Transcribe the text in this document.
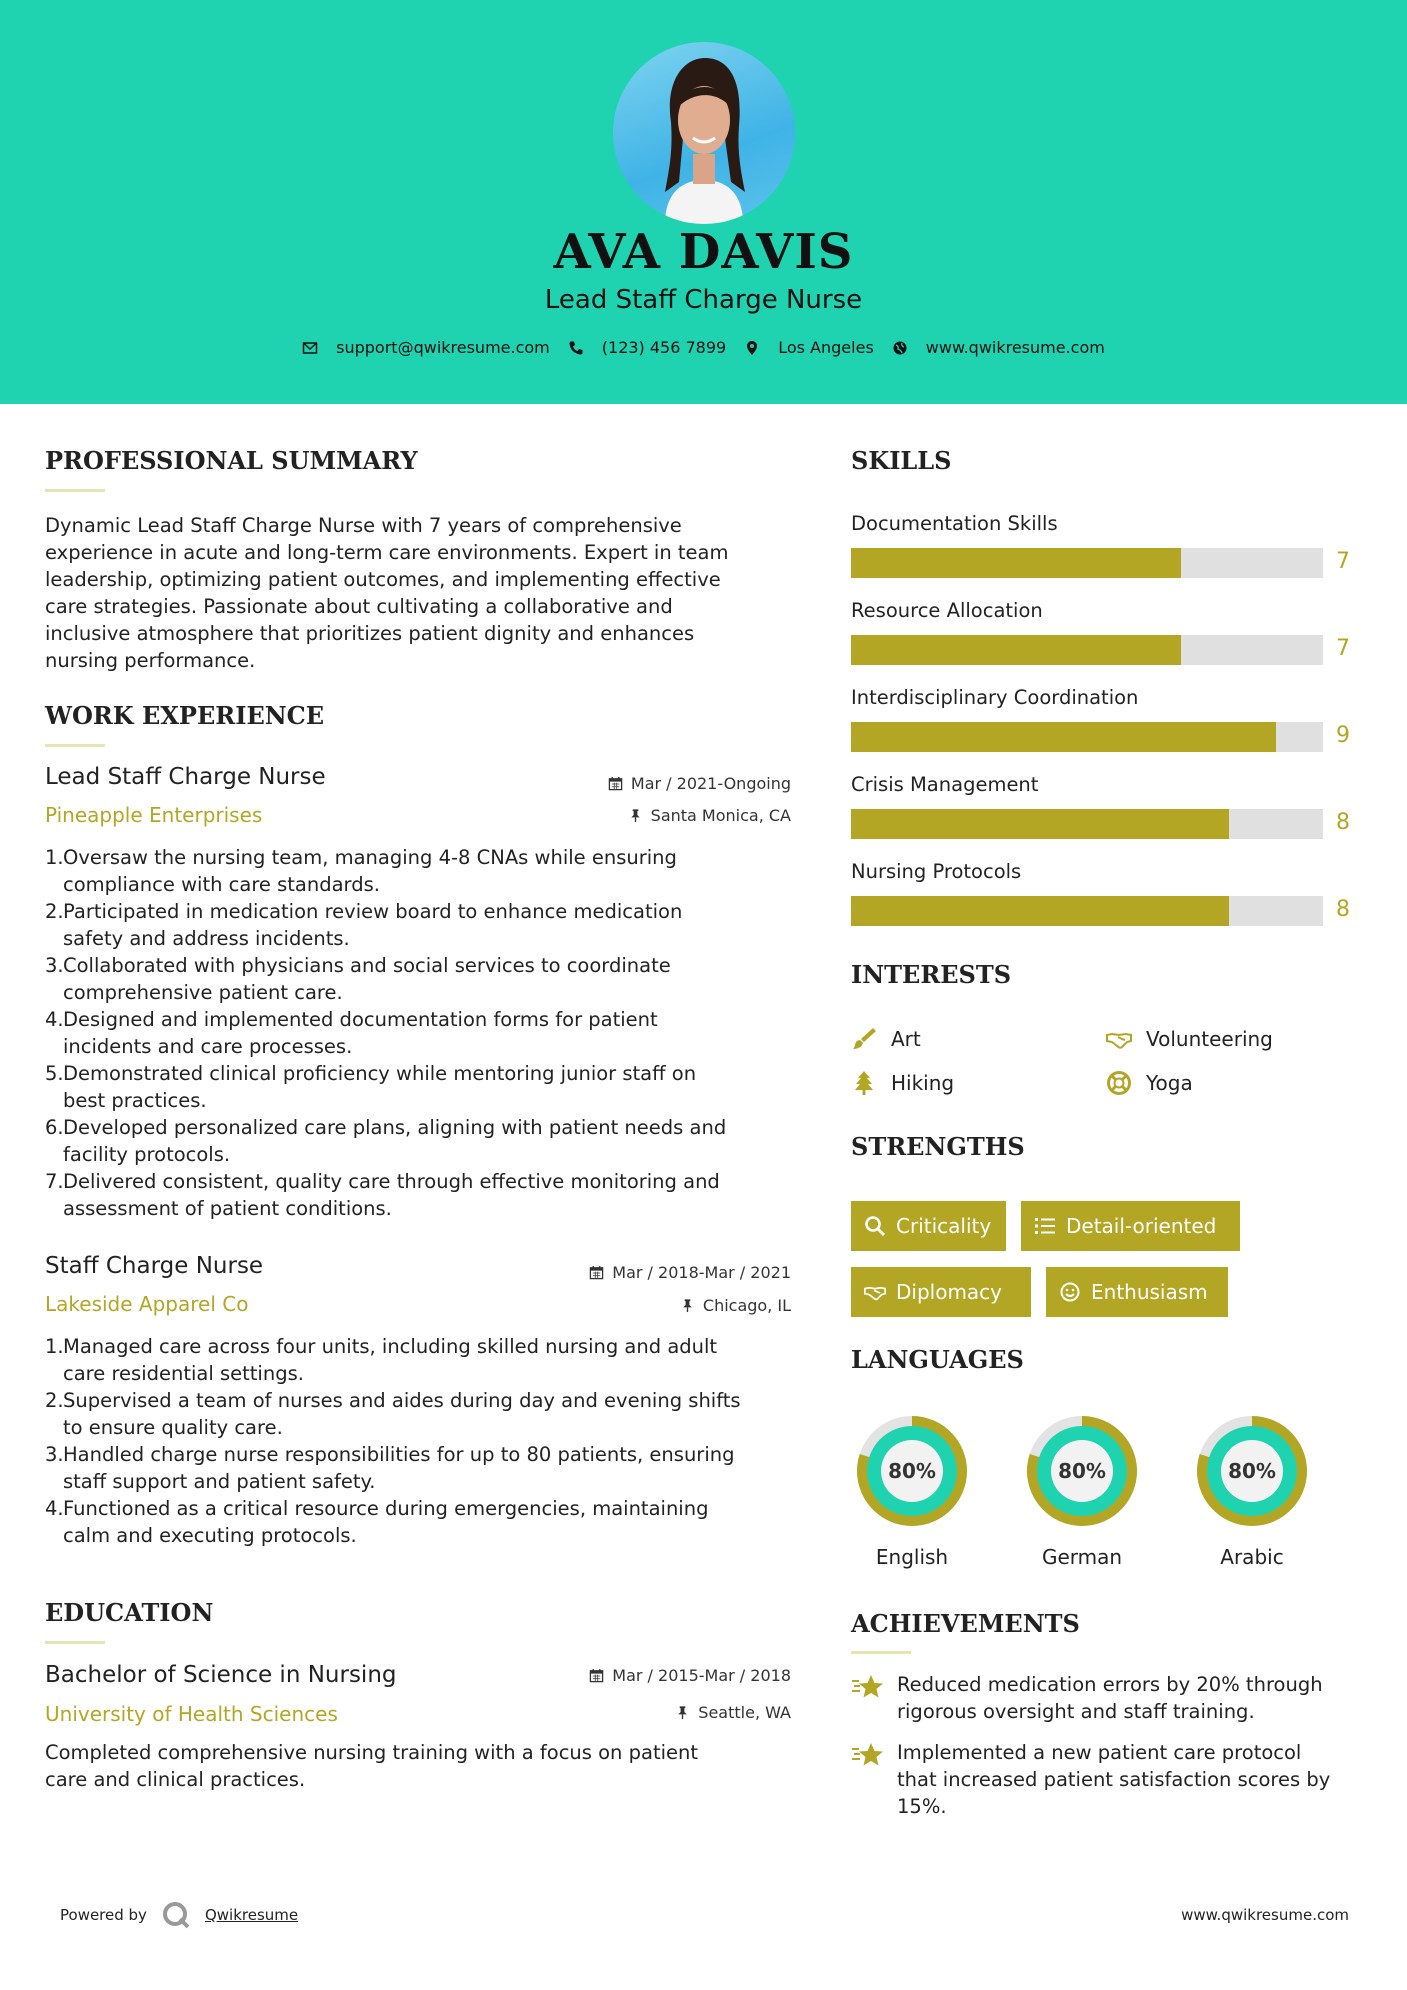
AVA DAVIS
Lead Staff Charge Nurse
support@qwikresume.com	(123) 456 7899	Los Angeles	www.qwikresume.com
PROFESSIONAL SUMMARY
Dynamic Lead Staff Charge Nurse with 7 years of comprehensive
experience in acute and long-term care environments. Expert in team
leadership, optimizing patient outcomes, and implementing effective
care strategies. Passionate about cultivating a collaborative and
inclusive atmosphere that prioritizes patient dignity and enhances
nursing performance.
WORK EXPERIENCE
Lead Staff Charge Nurse
Pineapple Enterprises
Mar / 2021-Ongoing
Santa Monica, CA
1. Oversaw the nursing team, managing 4-8 CNAs while ensuring
compliance with care standards.
2. Participated in medication review board to enhance medication
safety and address incidents.
3. Collaborated with physicians and social services to coordinate
comprehensive patient care.
4. Designed and implemented documentation forms for patient
incidents and care processes.
5. Demonstrated clinical proficiency while mentoring junior staff on
best practices.
6. Developed personalized care plans, aligning with patient needs and
facility protocols.
7. Delivered consistent, quality care through effective monitoring and
assessment of patient conditions.
Staff Charge Nurse
Lakeside Apparel Co
Mar / 2018-Mar / 2021
Chicago, IL
1. Managed care across four units, including skilled nursing and adult
care residential settings.
2. Supervised a team of nurses and aides during day and evening shifts
to ensure quality care.
3. Handled charge nurse responsibilities for up to 80 patients, ensuring
staff support and patient safety.
4. Functioned as a critical resource during emergencies, maintaining
calm and executing protocols.
EDUCATION
Bachelor of Science in Nursing
University of Health Sciences
Mar / 2015-Mar / 2018
Seattle, WA
Completed comprehensive nursing training with a focus on patient
care and clinical practices.
SKILLS
Documentation Skills
7
Resource Allocation
7
Interdisciplinary Coordination
9
Crisis Management
8
Nursing Protocols
8
INTERESTS
Art	Volunteering
Hiking	Yoga
STRENGTHS
Criticality	Detail-oriented
Diplomacy	Enthusiasm
LANGUAGES
80%
English
80%
German
80%
Arabic
ACHIEVEMENTS
Reduced medication errors by 20% through
rigorous oversight and staff training.
Implemented a new patient care protocol
that increased patient satisfaction scores by
15%.
Powered by	Qwikresume	www.qwikresume.com
